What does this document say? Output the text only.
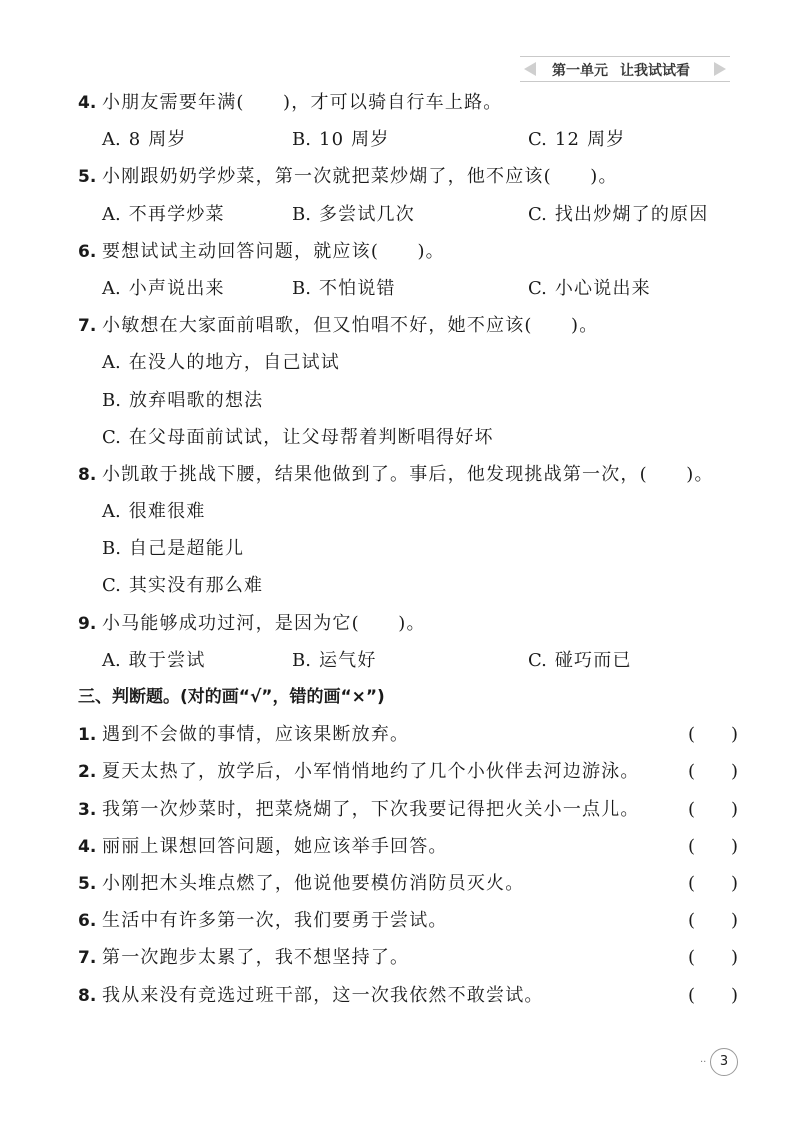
第一单元 让我试试看
4. 小朋友需要年满(　　)，才可以骑自行车上路。
A. 8 周岁	B. 10 周岁	C. 12 周岁
5. 小刚跟奶奶学炒菜，第一次就把菜炒煳了，他不应该(　　)。
A. 不再学炒菜	B. 多尝试几次	C. 找出炒煳了的原因
6. 要想试试主动回答问题，就应该(　　)。
A. 小声说出来	B. 不怕说错	C. 小心说出来
7. 小敏想在大家面前唱歌，但又怕唱不好，她不应该(　　)。
A. 在没人的地方，自己试试
B. 放弃唱歌的想法
C. 在父母面前试试，让父母帮着判断唱得好坏
8. 小凯敢于挑战下腰，结果他做到了。事后，他发现挑战第一次，(　　)。
A. 很难很难
B. 自己是超能儿
C. 其实没有那么难
9. 小马能够成功过河，是因为它(　　)。
A. 敢于尝试	B. 运气好	C. 碰巧而已
三、判断题。(对的画“√”，错的画“×”)
1. 遇到不会做的事情，应该果断放弃。	(　　)
2. 夏天太热了，放学后，小军悄悄地约了几个小伙伴去河边游泳。	(　　)
3. 我第一次炒菜时，把菜烧煳了，下次我要记得把火关小一点儿。	(　　)
4. 丽丽上课想回答问题，她应该举手回答。	(　　)
5. 小刚把木头堆点燃了，他说他要模仿消防员灭火。	(　　)
6. 生活中有许多第一次，我们要勇于尝试。	(　　)
7. 第一次跑步太累了，我不想坚持了。	(　　)
8. 我从来没有竞选过班干部，这一次我依然不敢尝试。	(　　)
··	3
